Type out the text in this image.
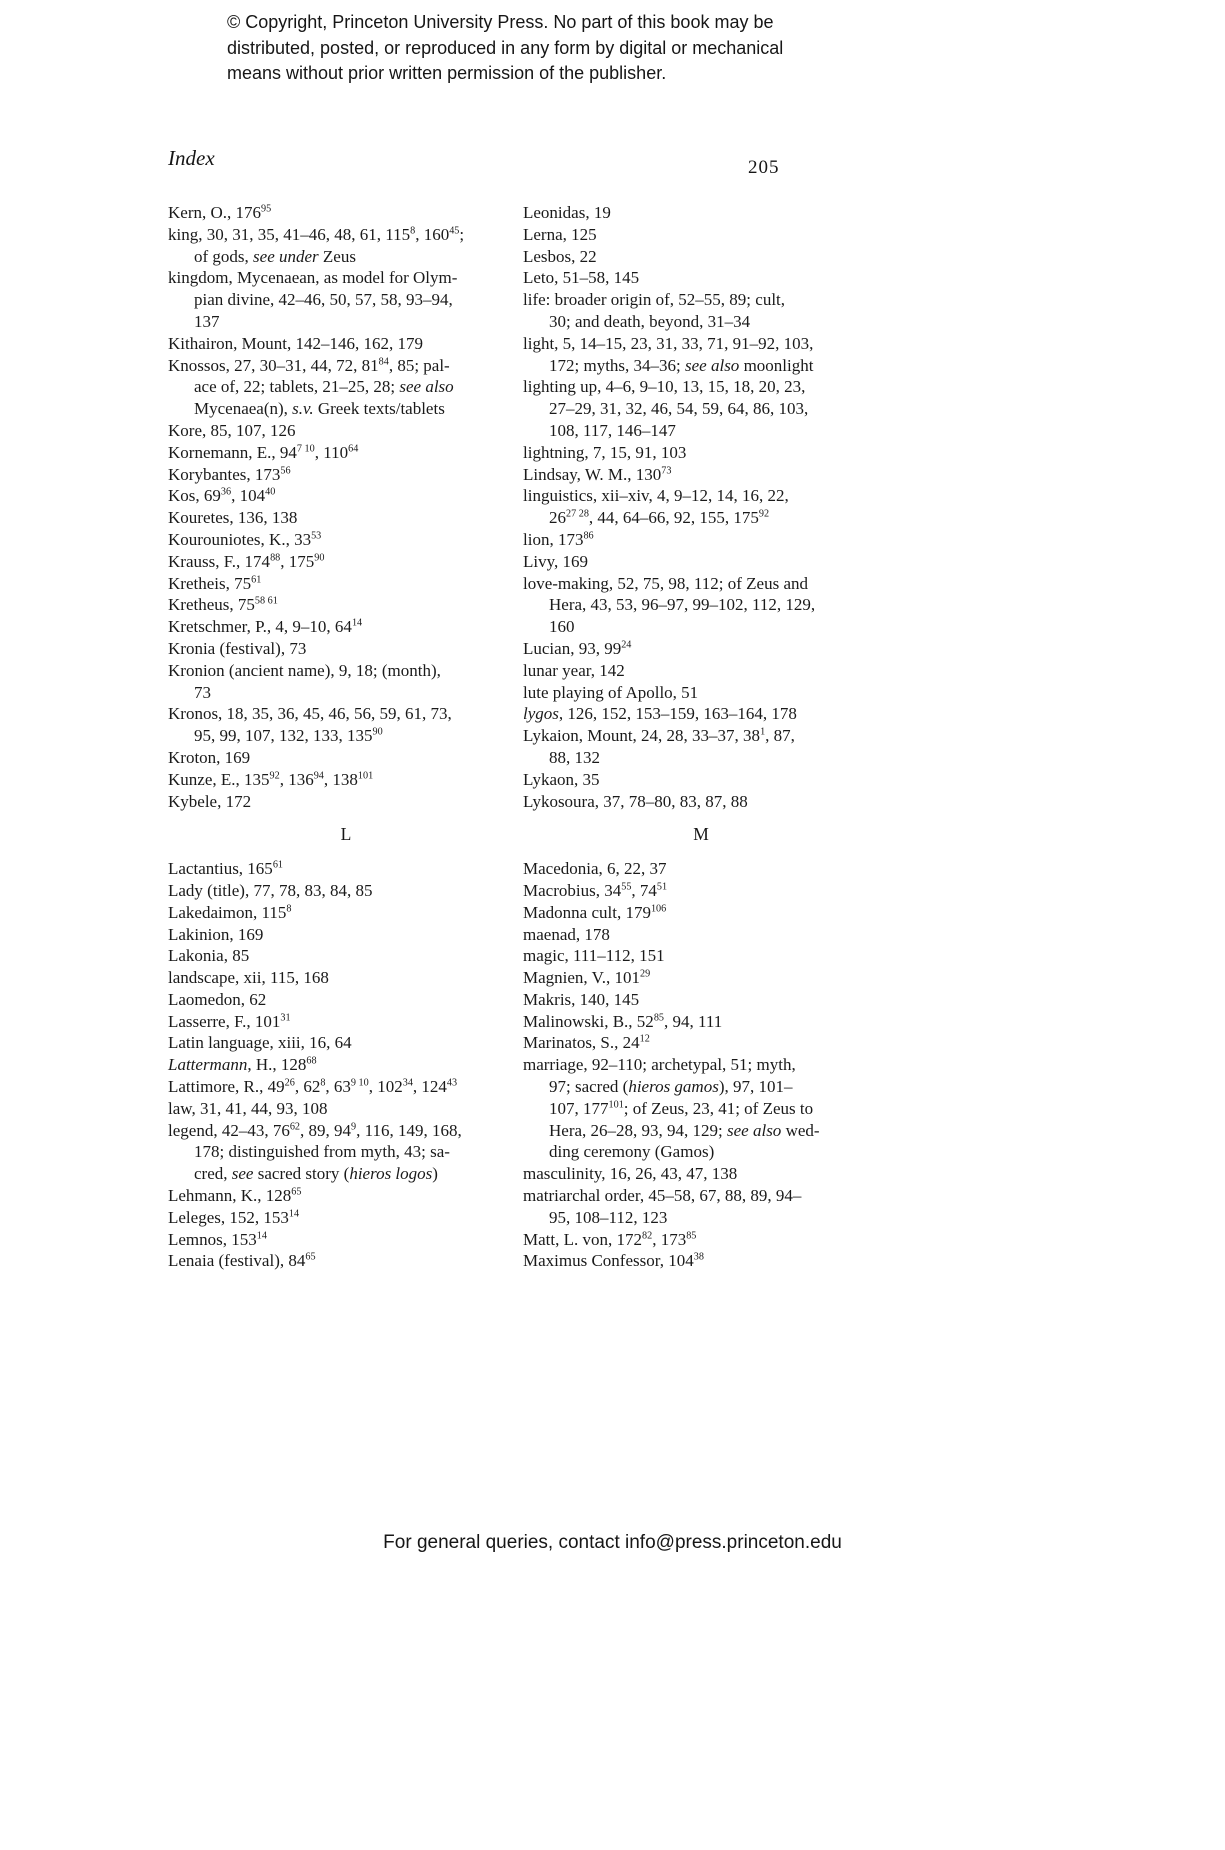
© Copyright, Princeton University Press. No part of this book may be
distributed, posted, or reproduced in any form by digital or mechanical
means without prior written permission of the publisher.
Index	205
Kern, O., $176^{95}$
king, 30, 31, 35, 41–46, 48, 61, $115^8$, $160^{45}$;
of gods, see under Zeus
kingdom, Mycenaean, as model for Olym-
pian divine, 42–46, 50, 57, 58, 93–94,
137
Kithairon, Mount, 142–146, 162, 179
Knossos, 27, 30–31, 44, 72, $81^{84}$, 85; pal-
ace of, 22; tablets, 21–25, 28; see also
Mycenaea(n), s.v. Greek texts/tablets
Kore, 85, 107, 126
Kornemann, E., $94^{7 10}$, $110^{64}$
Korybantes, $173^{56}$
Kos, $69^{36}$, $104^{40}$
Kouretes, 136, 138
Kourouniotes, K., $33^{53}$
Krauss, F., $174^{88}$, $175^{90}$
Kretheis, $75^{61}$
Kretheus, $75^{58 61}$
Kretschmer, P., 4, 9–10, $64^{14}$
Kronia (festival), 73
Kronion (ancient name), 9, 18; (month),
73
Kronos, 18, 35, 36, 45, 46, 56, 59, 61, 73,
95, 99, 107, 132, 133, $135^{90}$
Kroton, 169
Kunze, E., $135^{92}$, $136^{94}$, $138^{101}$
Kybele, 172
L
Lactantius, $165^{61}$
Lady (title), 77, 78, 83, 84, 85
Lakedaimon, $115^8$
Lakinion, 169
Lakonia, 85
landscape, xii, 115, 168
Laomedon, 62
Lasserre, F., $101^{31}$
Latin language, xiii, 16, 64
Lattermann, H., $128^{68}$
Lattimore, R., $49^{26}$, $62^8$, $63^{9 10}$, $102^{34}$, $124^{43}$
law, 31, 41, 44, 93, 108
legend, 42–43, $76^{62}$, 89, $94^9$, 116, 149, 168,
178; distinguished from myth, 43; sa-
cred, see sacred story (hieros logos)
Lehmann, K., $128^{65}$
Leleges, 152, $153^{14}$
Lemnos, $153^{14}$
Lenaia (festival), $84^{65}$
Leonidas, 19
Lerna, 125
Lesbos, 22
Leto, 51–58, 145
life: broader origin of, 52–55, 89; cult,
30; and death, beyond, 31–34
light, 5, 14–15, 23, 31, 33, 71, 91–92, 103,
172; myths, 34–36; see also moonlight
lighting up, 4–6, 9–10, 13, 15, 18, 20, 23,
27–29, 31, 32, 46, 54, 59, 64, 86, 103,
108, 117, 146–147
lightning, 7, 15, 91, 103
Lindsay, W. M., $130^{73}$
linguistics, xii–xiv, 4, 9–12, 14, 16, 22,
$26^{27 28}$, 44, 64–66, 92, 155, $175^{92}$
lion, $173^{86}$
Livy, 169
love-making, 52, 75, 98, 112; of Zeus and
Hera, 43, 53, 96–97, 99–102, 112, 129,
160
Lucian, 93, $99^{24}$
lunar year, 142
lute playing of Apollo, 51
lygos, 126, 152, 153–159, 163–164, 178
Lykaion, Mount, 24, 28, 33–37, $38^1$, 87,
88, 132
Lykaon, 35
Lykosoura, 37, 78–80, 83, 87, 88
M
Macedonia, 6, 22, 37
Macrobius, $34^{55}$, $74^{51}$
Madonna cult, $179^{106}$
maenad, 178
magic, 111–112, 151
Magnien, V., $101^{29}$
Makris, 140, 145
Malinowski, B., $52^{85}$, 94, 111
Marinatos, S., $24^{12}$
marriage, 92–110; archetypal, 51; myth,
97; sacred (hieros gamos), 97, 101–
107, $177^{101}$; of Zeus, 23, 41; of Zeus to
Hera, 26–28, 93, 94, 129; see also wed-
ding ceremony (Gamos)
masculinity, 16, 26, 43, 47, 138
matriarchal order, 45–58, 67, 88, 89, 94–
95, 108–112, 123
Matt, L. von, $172^{82}$, $173^{85}$
Maximus Confessor, $104^{38}$
For general queries, contact info@press.princeton.edu
